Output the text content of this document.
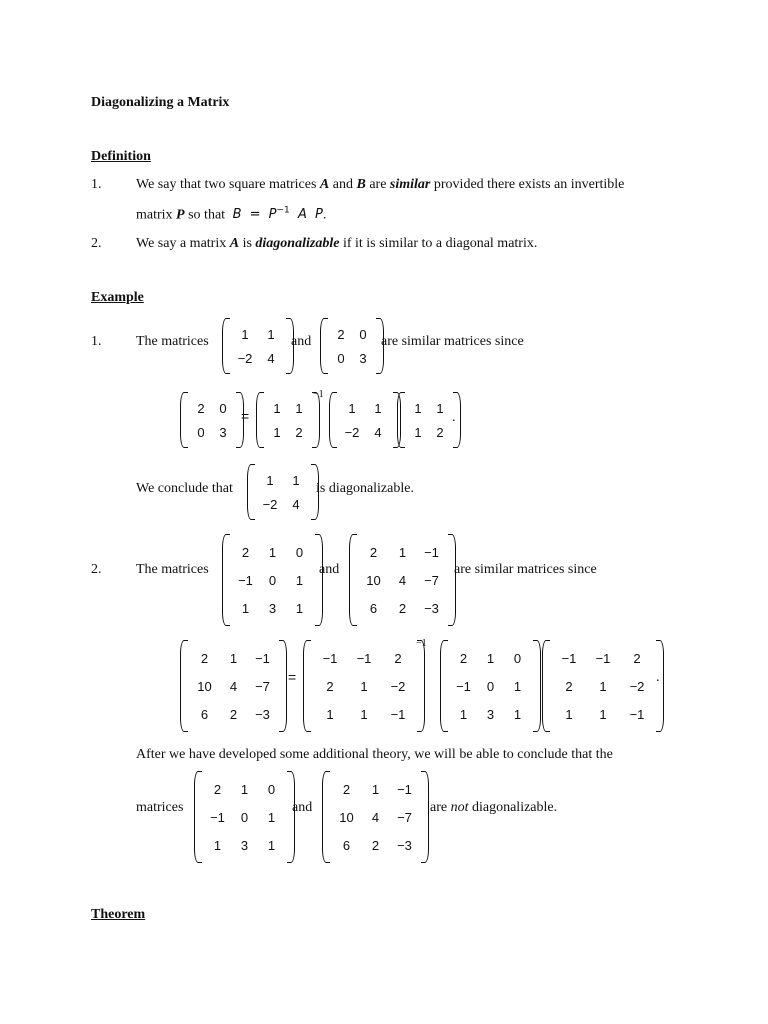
Diagonalizing a Matrix
Definition
1. We say that two square matrices A and B are similar provided there exists an invertible
matrix P so that $B = P^{-1}$ A P.
2. We say a matrix A is diagonalizable if it is similar to a diagonal matrix.
Example
1. The matrices	1 1
−2 4
and 2 0
0 3
are similar matrices since
2 0
0 3
= 1 1
1 2
−1
1 1
−2 4
1 1
1 2
.
We conclude that
1 1
−2 4
is diagonalizable.
2. The matrices
2 1 0
−1 0 1
1 3 1
and
2 1 −1
10 4 −7
6 2 −3
are similar matrices since
2 1 −1
10 4 −7
6 2 −3
=
−1 −1 2
2 1 −2
1 1 −1
−1
2 1 0
−1 0 1
1 3 1
−1 −1 2
2 1 −2
1 1 −1
.
After we have developed some additional theory, we will be able to conclude that the
matrices
2 1 0
−1 0 1
1 3 1
and
2 1 −1
10 4 −7
6 2 −3
are not diagonalizable.
Theorem
